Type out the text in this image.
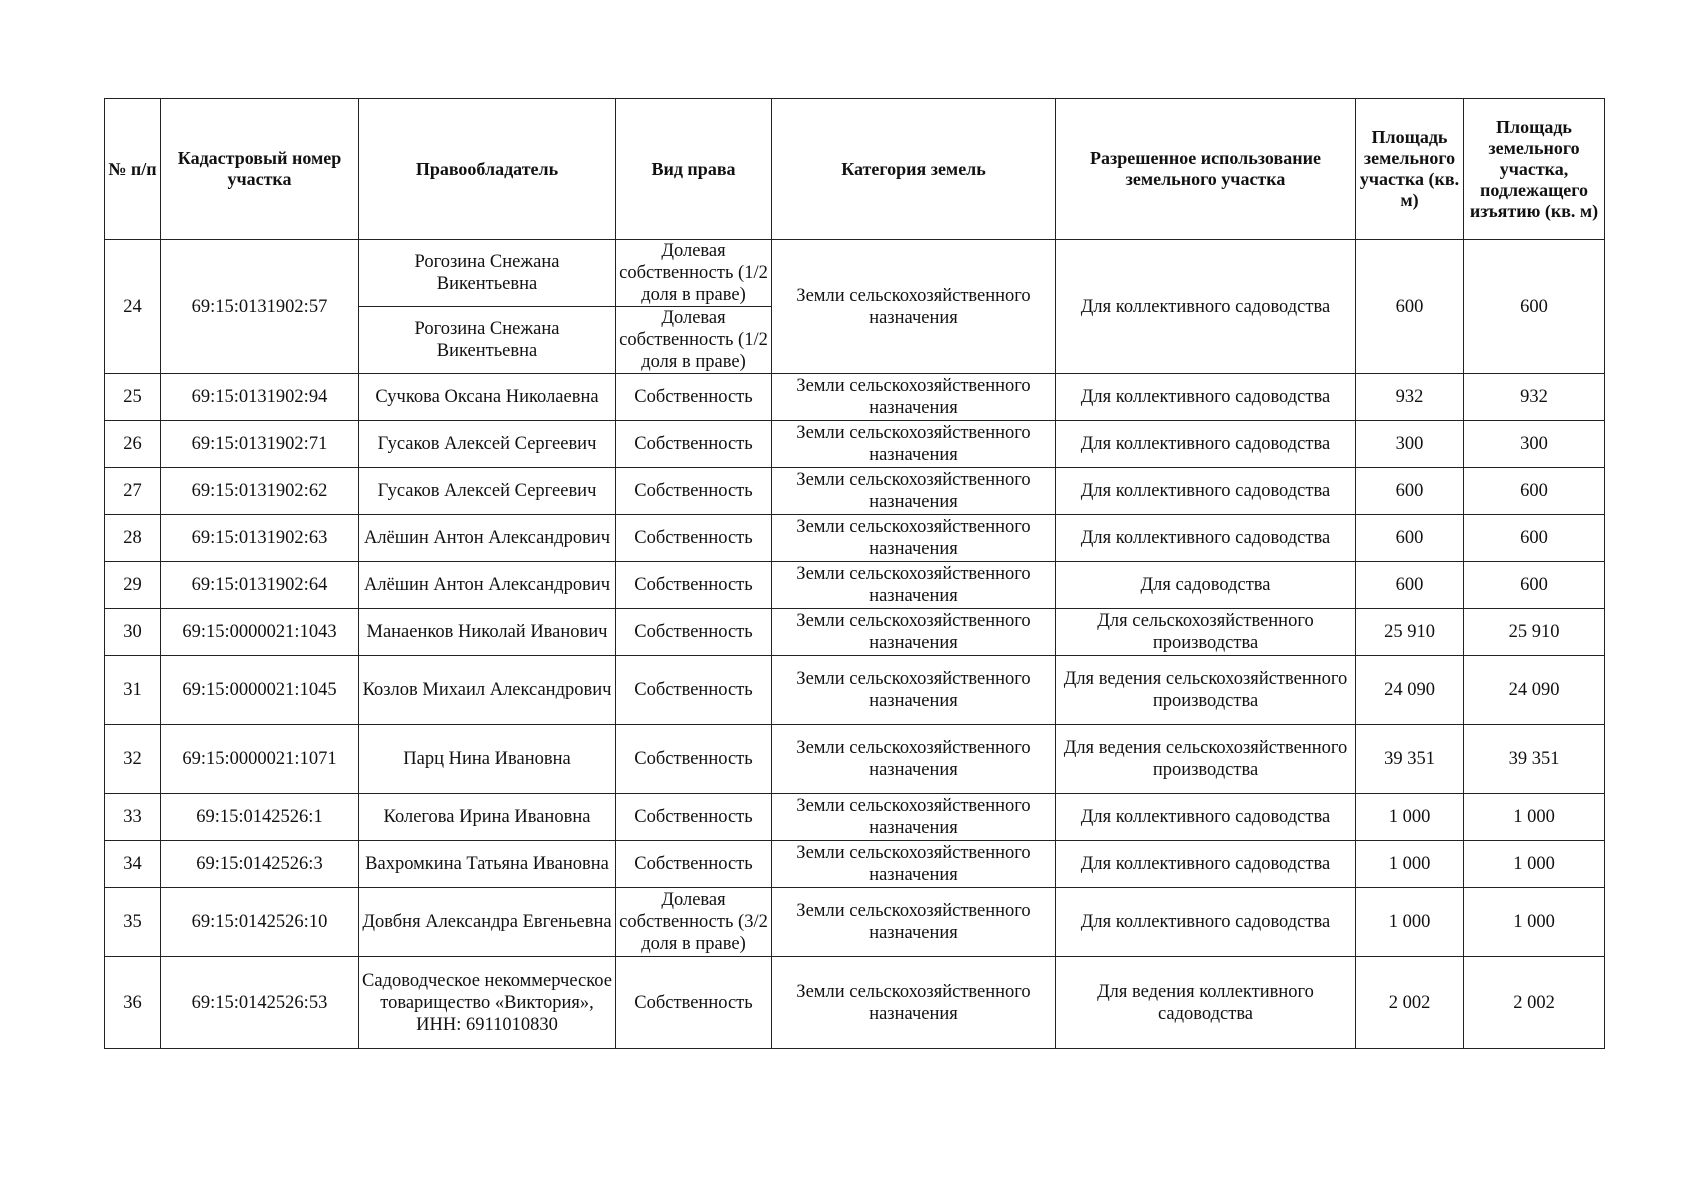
№ п/п	Кадастровый номер участка	Правообладатель	Вид права	Категория земель	Разрешенное использование земельного участка	Площадь земельного участка (кв. м)	Площадь земельного участка, подлежащего изъятию (кв. м)
24	69:15:0131902:57	Рогозина Снежана Викентьевна	Долевая собственность (1/2 доля в праве)	Земли сельскохозяйственного назначения	Для коллективного садоводства	600	600
		Рогозина Снежана Викентьевна	Долевая собственность (1/2 доля в праве)				
25	69:15:0131902:94	Сучкова Оксана Николаевна	Собственность	Земли сельскохозяйственного назначения	Для коллективного садоводства	932	932
26	69:15:0131902:71	Гусаков Алексей Сергеевич	Собственность	Земли сельскохозяйственного назначения	Для коллективного садоводства	300	300
27	69:15:0131902:62	Гусаков Алексей Сергеевич	Собственность	Земли сельскохозяйственного назначения	Для коллективного садоводства	600	600
28	69:15:0131902:63	Алёшин Антон Александрович	Собственность	Земли сельскохозяйственного назначения	Для коллективного садоводства	600	600
29	69:15:0131902:64	Алёшин Антон Александрович	Собственность	Земли сельскохозяйственного назначения	Для садоводства	600	600
30	69:15:0000021:1043	Манаенков Николай Иванович	Собственность	Земли сельскохозяйственного назначения	Для сельскохозяйственного производства	25 910	25 910
31	69:15:0000021:1045	Козлов Михаил Александрович	Собственность	Земли сельскохозяйственного назначения	Для ведения сельскохозяйственного производства	24 090	24 090
32	69:15:0000021:1071	Парц Нина Ивановна	Собственность	Земли сельскохозяйственного назначения	Для ведения сельскохозяйственного производства	39 351	39 351
33	69:15:0142526:1	Колегова Ирина Ивановна	Собственность	Земли сельскохозяйственного назначения	Для коллективного садоводства	1 000	1 000
34	69:15:0142526:3	Вахромкина Татьяна Ивановна	Собственность	Земли сельскохозяйственного назначения	Для коллективного садоводства	1 000	1 000
35	69:15:0142526:10	Довбня Александра Евгеньевна	Долевая собственность (3/2 доля в праве)	Земли сельскохозяйственного назначения	Для коллективного садоводства	1 000	1 000
36	69:15:0142526:53	Садоводческое некоммерческое товарищество «Виктория», ИНН: 6911010830	Собственность	Земли сельскохозяйственного назначения	Для ведения коллективного садоводства	2 002	2 002
